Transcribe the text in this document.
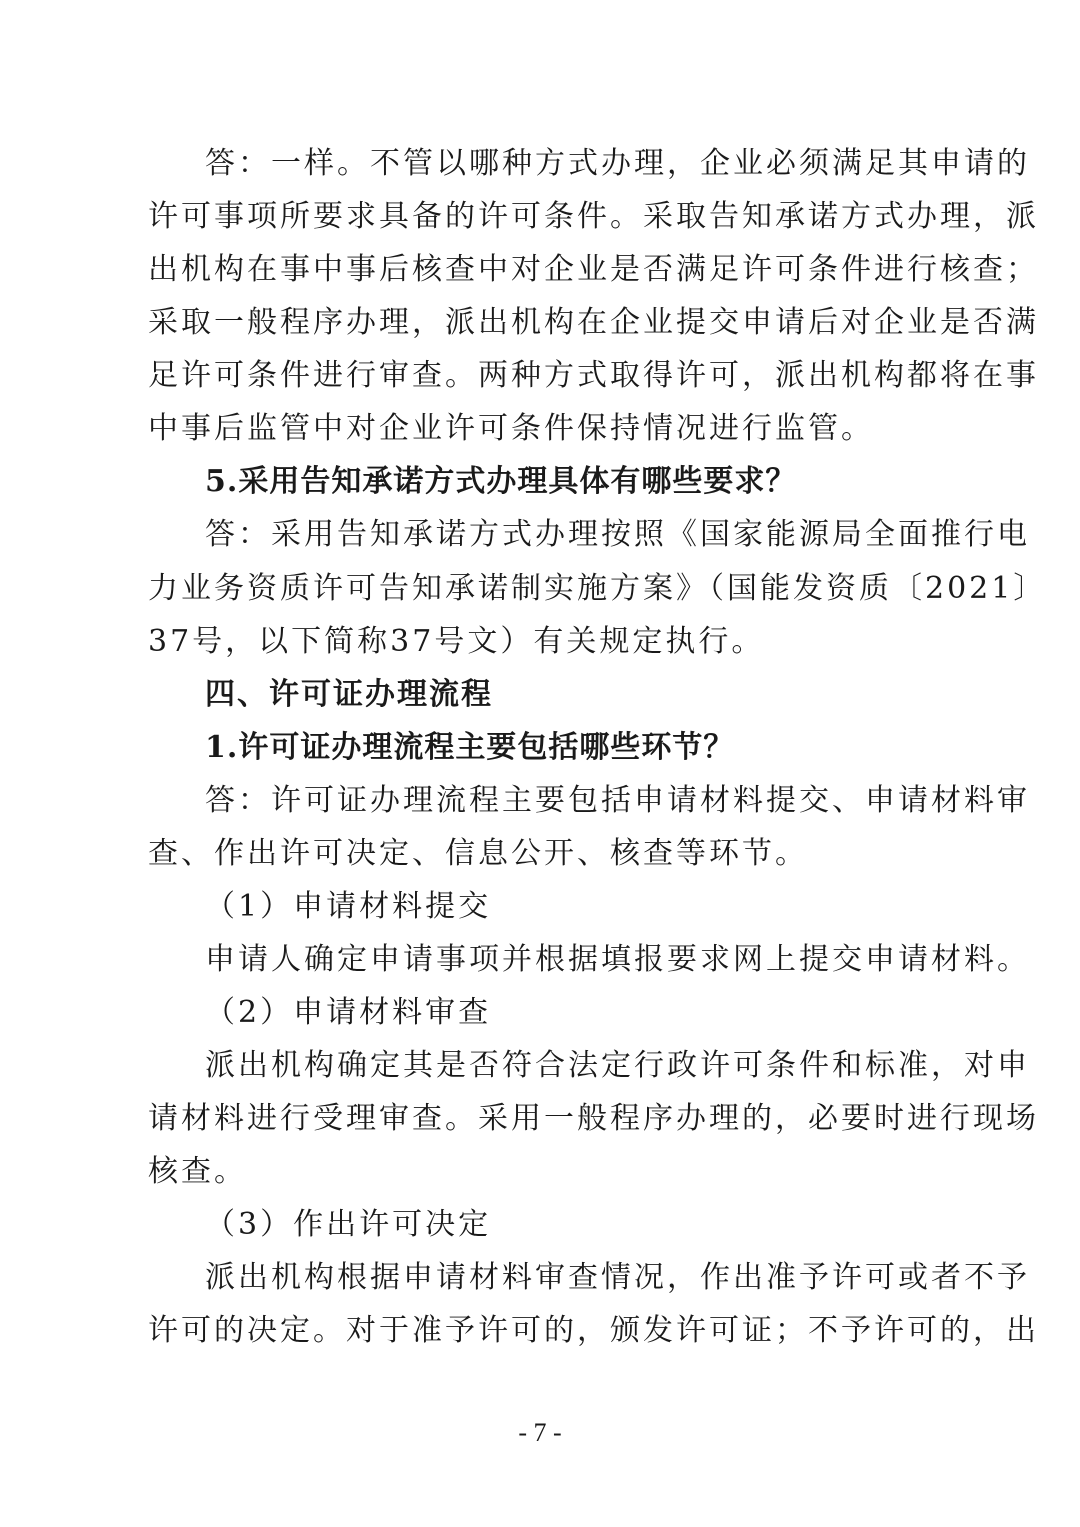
答：一样。不管以哪种方式办理，企业必须满足其申请的
许可事项所要求具备的许可条件。采取告知承诺方式办理，派
出机构在事中事后核查中对企业是否满足许可条件进行核查；
采取一般程序办理，派出机构在企业提交申请后对企业是否满
足许可条件进行审查。两种方式取得许可，派出机构都将在事
中事后监管中对企业许可条件保持情况进行监管。
5.采用告知承诺方式办理具体有哪些要求？
答：采用告知承诺方式办理按照《国家能源局全面推行电
力业务资质许可告知承诺制实施方案》（国能发资质〔2021〕
37号，以下简称37号文）有关规定执行。
四、许可证办理流程
1.许可证办理流程主要包括哪些环节？
答：许可证办理流程主要包括申请材料提交、申请材料审
查、作出许可决定、信息公开、核查等环节。
（1）申请材料提交
申请人确定申请事项并根据填报要求网上提交申请材料。
（2）申请材料审查
派出机构确定其是否符合法定行政许可条件和标准，对申
请材料进行受理审查。采用一般程序办理的，必要时进行现场
核查。
（3）作出许可决定
派出机构根据申请材料审查情况，作出准予许可或者不予
许可的决定。对于准予许可的，颁发许可证；不予许可的，出
- 7 -
